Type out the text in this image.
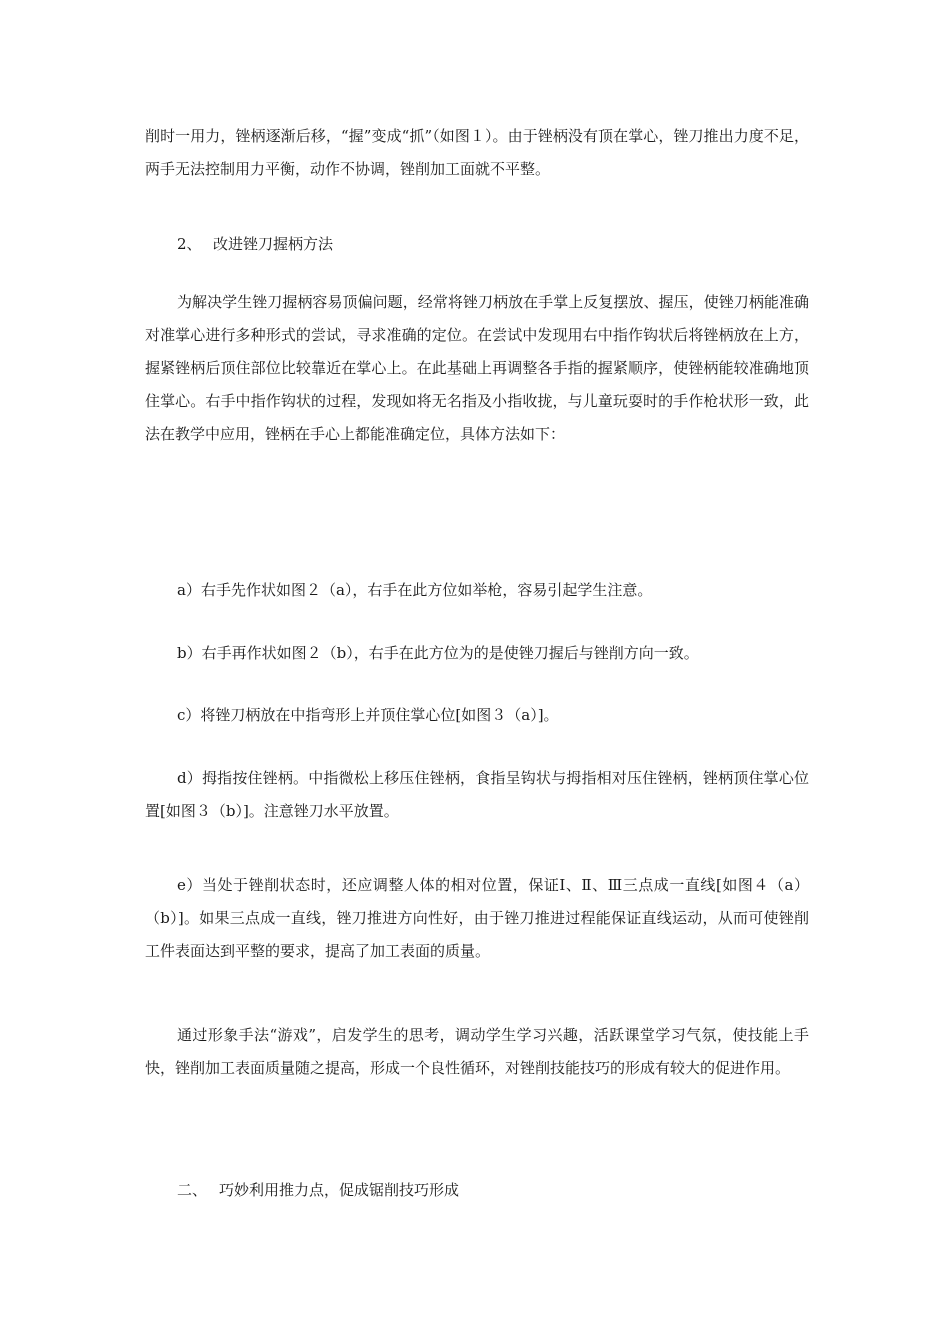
削时一用力，锉柄逐渐后移，“握”变成“抓”（如图１）。由于锉柄没有顶在掌心，锉刀推出力度不足，两手无法控制用力平衡，动作不协调，锉削加工面就不平整。

2、 改进锉刀握柄方法

为解决学生锉刀握柄容易顶偏问题，经常将锉刀柄放在手掌上反复摆放、握压，使锉刀柄能准确对准掌心进行多种形式的尝试，寻求准确的定位。在尝试中发现用右中指作钩状后将锉柄放在上方，握紧锉柄后顶住部位比较靠近在掌心上。在此基础上再调整各手指的握紧顺序，使锉柄能较准确地顶住掌心。右手中指作钩状的过程，发现如将无名指及小指收拢，与儿童玩耍时的手作枪状形一致，此法在教学中应用，锉柄在手心上都能准确定位，具体方法如下：

a）右手先作状如图２（a），右手在此方位如举枪，容易引起学生注意。

b）右手再作状如图２（b），右手在此方位为的是使锉刀握后与锉削方向一致。

c）将锉刀柄放在中指弯形上并顶住掌心位[如图３（a）]。

d）拇指按住锉柄。中指微松上移压住锉柄，食指呈钩状与拇指相对压住锉柄，锉柄顶住掌心位置[如图３（b）]。注意锉刀水平放置。

e）当处于锉削状态时，还应调整人体的相对位置，保证Ⅰ、Ⅱ、Ⅲ三点成一直线[如图４（a）（b）]。如果三点成一直线，锉刀推进方向性好，由于锉刀推进过程能保证直线运动，从而可使锉削工件表面达到平整的要求，提高了加工表面的质量。

通过形象手法“游戏”，启发学生的思考，调动学生学习兴趣，活跃课堂学习气氛，使技能上手快，锉削加工表面质量随之提高，形成一个良性循环，对锉削技能技巧的形成有较大的促进作用。

二、 巧妙利用推力点，促成锯削技巧形成
